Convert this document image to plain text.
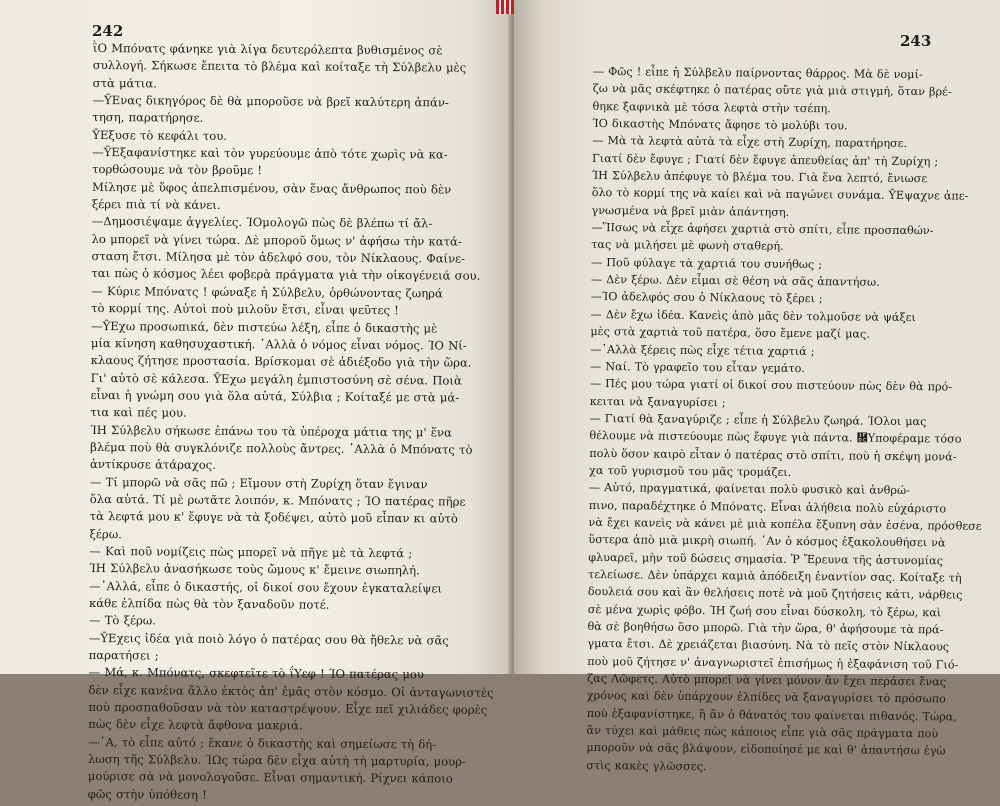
242
ῒΟ Μπόνατς φάνηκε γιὰ λίγα δευτερόλεπτα βυθισμένος σὲ
συλλογή. Σήκωσε ἔπειτα τὸ βλέμα καὶ κοίταξε τὴ Σύλβελυ μὲς
στὰ μάτια.
—ῩΕνας δικηγόρος δὲ θὰ μποροῦσε νὰ βρεῖ καλύτερη ἀπάν-
τηση, παρατήρησε.
ῩΕξυσε τὸ κεφάλι του.
—ῩΕξαφανίστηκε καὶ τὸν γυρεύουμε ἀπὸ τότε χωρὶς νὰ κα-
τορθώσουμε νὰ τὸν βροῦμε !
Μίλησε μὲ ὕφος ἀπελπισμένου, σὰν ἕνας ἄνθρωπος ποὺ δὲν
ξέρει πιὰ τί νὰ κάνει.
—Δημοσιέψαμε ἀγγελίες. ΊΟμολογῶ πὼς δὲ βλέπω τί ἄλ-
λο μπορεῖ νὰ γίνει τώρα. Δὲ μποροῦ ὅμως ν' ἀφήσω τὴν κατά-
σταση ἔτσι. Μίλησα μὲ τὸν ἀδελφό σου, τὸν Νίκλαους. Φαίνε-
ται πὼς ὁ κόσμος λέει φοβερὰ πράγματα γιὰ τὴν οἰκογένειά σου.
— Κύριε Μπόνατς ! φώναξε ἡ Σύλβελυ, ὀρθώνοντας ζωηρά
τὸ κορμί της. Αὐτοὶ ποὺ μιλοῦν ἔτσι, εἶναι ψεῦτες !
—ῩΕχω προσωπικά, δὲν πιστεύω λέξη, εἶπε ὁ δικαστὴς μὲ
μία κίνηση καθησυχαστική. ᾿Αλλὰ ὁ νόμος εἶναι νόμος. ΊΟ Νί-
κλαους ζήτησε προστασία. Βρίσκομαι σὲ ἀδιέξοδο γιὰ τὴν ὥρα.
Γι' αὐτὸ σὲ κάλεσα. ῩΕχω μεγάλη ἐμπιστοσύνη σὲ σένα. Ποιὰ
εἶναι ἡ γνώμη σου γιὰ ὅλα αὐτά, Σύλβια ; Κοίταξέ με στὰ μά-
τια καὶ πές μου.
ΊΗ Σύλβελυ σήκωσε ἐπάνω του τὰ ὑπέροχα μάτια της μ' ἕνα
βλέμα ποὺ θὰ συγκλόνιζε πολλοὺς ἄντρες. ᾿Αλλὰ ὁ Μπόνατς τὸ
ἀντίκρυσε ἀτάραχος.
— Τί μπορῶ νὰ σᾶς πῶ ; Εἴμουν στὴ Ζυρίχη ὅταν ἔγιναν
ὅλα αὐτά. Τί μὲ ρωτᾶτε λοιπόν, κ. Μπόνατς ; ΊΟ πατέρας πῆρε
τὰ λεφτά μου κ' ἔφυγε νὰ τὰ ξοδέψει, αὐτὸ μοῦ εἶπαν κι αὐτὸ
ξέρω.
— Καὶ ποῦ νομίζεις πὼς μπορεῖ νὰ πῆγε μὲ τὰ λεφτά ;
ΊΗ Σύλβελυ ἀνασήκωσε τοὺς ὤμους κ' ἔμεινε σιωπηλή.
—᾿Αλλά, εἶπε ὁ δικαστής, οἱ δικοί σου ἔχουν ἐγκαταλείψει
κάθε ἐλπίδα πὼς θὰ τὸν ξαναδοῦν ποτέ.
— Τὸ ξέρω.
—ῩΕχεις ἰδέα γιὰ ποιὸ λόγο ὁ πατέρας σου θὰ ἤθελε νὰ σᾶς
παρατήσει ;
— Μά, κ. Μπόνατς, σκεφτεῖτε τὸ ΐΥεφ ! ΊΟ πατέρας μου
δὲν εἶχε κανένα ἄλλο ἐκτὸς ἀπ' ἐμᾶς στὸν κόσμο. Οἱ ἀνταγωνιστὲς
ποὺ προσπαθοῦσαν νὰ τὸν καταστρέψουν. Εἶχε πεῖ χιλιάδες φορὲς
πὼς δὲν εἶχε λεφτὰ ἄφθονα μακριά.
—᾿Α, τὸ εἶπε αὐτό ; ἔκανε ὁ δικαστὴς καὶ σημείωσε τὴ δή-
λωση τῆς Σύλβελυ. ΊΩς τώρα δὲν εἶχα αὐτὴ τὴ μαρτυρία, μουρ-
μούρισε σὰ νὰ μονολογοῦσε. Εἶναι σημαντική. Ρίχνει κάποιο
φῶς στὴν ὑπόθεση !
243
— Φῶς ! εἶπε ἡ Σύλβελυ παίρνοντας θάρρος. Μὰ δὲ νομί-
ζω νὰ μᾶς σκέφτηκε ὁ πατέρας οὔτε γιὰ μιὰ στιγμή, ὅταν βρέ-
θηκε ξαφνικὰ μὲ τόσα λεφτὰ στὴν τσέπη.
ΊΟ δικαστὴς Μπόνατς ἄφησε τὸ μολύβι του.
— Μὰ τὰ λεφτὰ αὐτὰ τὰ εἶχε στὴ Ζυρίχη, παρατήρησε.
Γιατί δὲν ἔφυγε ; Γιατί δὲν ἔφυγε ἀπευθείας ἀπ' τὴ Ζυρίχη ;
ΊΗ Σύλβελυ ἀπέφυγε τὸ βλέμα του. Γιὰ ἕνα λεπτό, ἔνιωσε
ὅλο τὸ κορμί της νὰ καίει καὶ νὰ παγώνει συνάμα. ῩΕψαχνε ἀπε-
γνωσμένα νὰ βρεῖ μιὰν ἀπάντηση.
—ἽΙσως νὰ εἶχε ἀφήσει χαρτιὰ στὸ σπίτι, εἶπε προσπαθών-
τας νὰ μιλήσει μὲ φωνὴ σταθερή.
— Ποῦ φύλαγε τὰ χαρτιά του συνήθως ;
— Δὲν ξέρω. Δὲν εἶμαι σὲ θέση νὰ σᾶς ἀπαντήσω.
—ΊΟ ἀδελφός σου ὁ Νίκλαους τὸ ξέρει ;
— Δὲν ἔχω ἰδέα. Κανεὶς ἀπὸ μᾶς δὲν τολμοῦσε νὰ ψάξει
μὲς στὰ χαρτιὰ τοῦ πατέρα, ὅσο ἔμενε μαζί μας.
—᾿Αλλὰ ξέρεις πὼς εἶχε τέτια χαρτιά ;
— Ναί. Τὸ γραφεῖο του εἶταν γεμάτο.
— Πές μου τώρα γιατί οἱ δικοί σου πιστεύουν πὼς δὲν θὰ πρό-
κειται νὰ ξαναγυρίσει ;
— Γιατί θὰ ξαναγύριζε ; εἶπε ἡ Σύλβελυ ζωηρά. ΊΟλοι μας
θέλουμε νὰ πιστεύουμε πὼς ἔφυγε γιὰ πάντα. ῜Υποφέραμε τόσο
πολὺ ὅσον καιρὸ εἶταν ὁ πατέρας στὸ σπίτι, ποὺ ἡ σκέψη μονά-
χα τοῦ γυρισμοῦ του μᾶς τρομάζει.
— Αὐτό, πραγματικά, φαίνεται πολὺ φυσικὸ καὶ ἀνθρώ-
πινο, παραδέχτηκε ὁ Μπόνατς. Εἶναι ἀλήθεια πολὺ εὐχάριστο
νὰ ἔχει κανεὶς νὰ κάνει μὲ μιὰ κοπέλα ἔξυπνη σὰν ἐσένα, πρόσθεσε
ὕστερα ἀπὸ μιὰ μικρὴ σιωπή. ᾿Αν ὁ κόσμος ἐξακολουθήσει νὰ
φλυαρεῖ, μὴν τοῦ δώσεις σημασία. Ῥ Ἔρευνα τῆς ἀστυνομίας
τελείωσε. Δὲν ὑπάρχει καμιὰ ἀπόδειξη ἐναντίον σας. Κοίταξε τὴ
δουλειά σου καὶ ἂν θελήσεις ποτὲ νὰ μοῦ ζητήσεις κάτι, νάρθεις
σὲ μένα χωρὶς φόβο. ΊΗ ζωή σου εἶναι δύσκολη, τὸ ξέρω, καὶ
θὰ σὲ βοηθήσω ὅσο μπορῶ. Γιὰ τὴν ὥρα, θ' ἀφήσουμε τὰ πρά-
γματα ἔτσι. Δὲ χρειάζεται βιασύνη. Νὰ τὸ πεῖς στὸν Νίκλαους
ποὺ μοῦ ζήτησε ν' ἀναγνωριστεῖ ἐπισήμως ἡ ἐξαφάνιση τοῦ Γιό-
ζας Λῶφετς. Αὐτὸ μπορεῖ νὰ γίνει μόνον ἂν ἔχει περάσει ἕνας
χρόνος καὶ δὲν ὑπάρχουν ἐλπίδες νὰ ξαναγυρίσει τὸ πρόσωπο
ποὺ ἐξαφανίστηκε, ἢ ἂν ὁ θάνατός του φαίνεται πιθανός. Τώρα,
ἂν τύχει καὶ μάθεις πὼς κάποιος εἶπε γιὰ σᾶς πράγματα ποὺ
μποροῦν νὰ σᾶς βλάψουν, εἰδοποίησέ με καὶ θ' ἀπαντήσω ἐγὼ
στὶς κακὲς γλῶσσες.
